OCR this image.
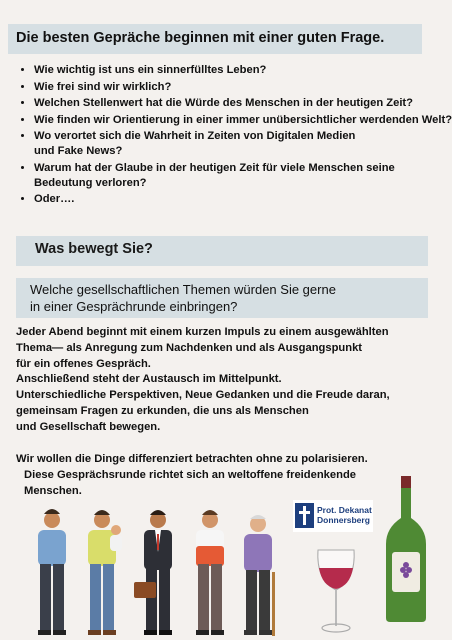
Die besten Gepräche beginnen mit einer guten Frage.
• Wie wichtig ist uns ein sinnerfülltes Leben?
• Wie frei sind wir wirklich?
• Welchen Stellenwert hat die Würde des Menschen in der heutigen Zeit?
• Wie finden wir Orientierung in einer immer unübersichtlicher werdenden Welt?
• Wo verortet sich die Wahrheit in Zeiten von Digitalen Medien
und Fake News?
• Warum hat der Glaube in der heutigen Zeit für viele Menschen seine Bedeutung verloren?
• Oder….
Was bewegt Sie?
Welche gesellschaftlichen Themen würden Sie gerne
in einer Gesprächrunde einbringen?
Jeder Abend beginnt mit einem kurzen Impuls zu einem ausgewählten
Thema— als Anregung zum Nachdenken und als Ausgangspunkt
für ein offenes Gespräch.
Anschließend steht der Austausch im Mittelpunkt.
Unterschiedliche Perspektiven, Neue Gedanken und die Freude daran,
gemeinsam Fragen zu erkunden, die uns als Menschen
und Gesellschaft bewegen.
Wir wollen die Dinge differenziert betrachten ohne zu polarisieren.
Diese Gesprächsrunde richtet sich an weltoffene freidenkende
Menschen.
Prot. Dekanat
Donnersberg
